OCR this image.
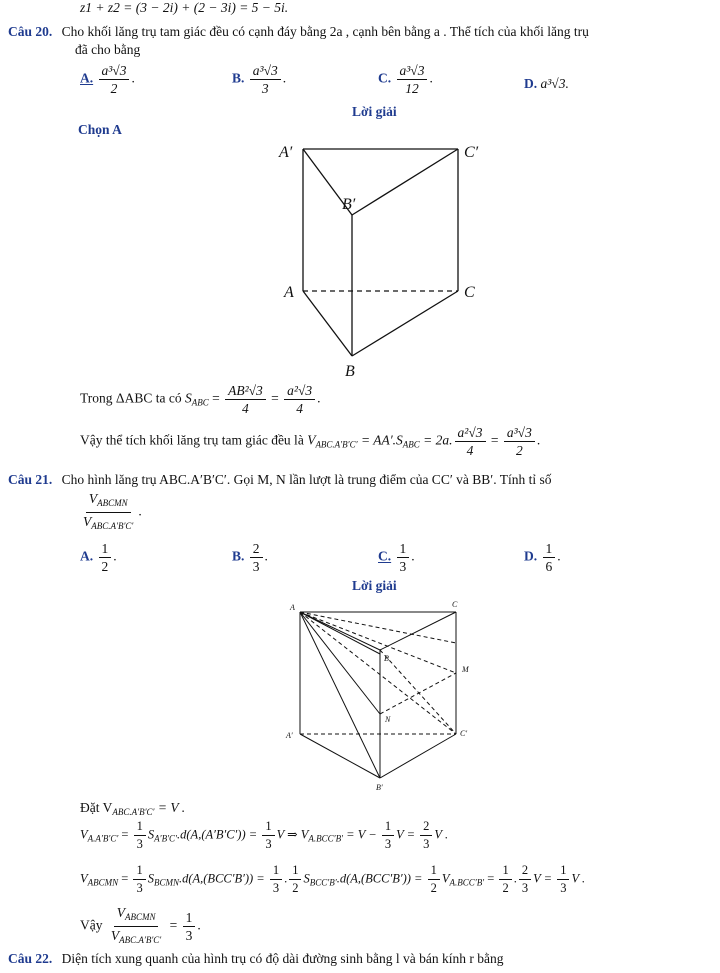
z1 + z2 = (3 − 2i) + (2 − 3i) = 5 − 5i.
Câu 20. Cho khối lăng trụ tam giác đều có cạnh đáy bằng 2a , cạnh bên bằng a . Thể tích của khối lăng trụ
đã cho bằng
A. $\frac{\text{a³√3}}{2}$ .	B. $\frac{\text{a³√3}}{3}$ .	C. $\frac{\text{a³√3}}{12}$ .	D. a³√3.
Lời giải
Chọn A
A′	C′
B′
A	C
B
Trong ΔABC ta có $S_{ABC} = \frac{\text{AB²√3}}{4} = \frac{\text{a²√3}}{4}$ .
Vậy thể tích khối lăng trụ tam giác đều là $V_{ABC.A'B'C'} = AA'.S_{ABC} = 2a$. $\frac{\text{a²√3}}{4} = \frac{\text{a³√3}}{2}$ .
Câu 21. Cho hình lăng trụ ABC.A′B′C′. Gọi M, N lần lượt là trung điểm của CC′ và BB′. Tính tỉ số
$\frac{V_{ABCMN}}{V_{ABC.A'B'C'}}$ .
A. $\frac{1}{2}$ .	B. $\frac{2}{3}$ .	C. $\frac{1}{3}$ .	D. $\frac{1}{6}$ .
Lời giải
A	C
B
M
N
A′	C′
B′
Đặt $V_{ABC.A'B'C'} = V$ .
$V_{A.A'B'C'} = \frac{1}{3} S_{A'B'C'}.d(A,(A'B'C')) = \frac{1}{3}$ V ⇒ $V_{A.BCC'B'} = V - \frac{1}{3}$ $V = \frac{2}{3}$ V .
$V_{ABCMN} = \frac{1}{3} S_{BCMN}.d(A,(BCC'B')) = \frac{1}{3}$ . $\frac{1}{2} S_{BCC'B'}.d(A,(BCC'B')) = \frac{1}{2} V_{A.BCC'B'} = \frac{1}{2}$ . $\frac{2}{3}$ $V = \frac{1}{3}$ V .
Vậy $\frac{V_{ABCMN}}{V_{ABC.A'B'C'}} = \frac{1}{3}$ .
Câu 22. Diện tích xung quanh của hình trụ có độ dài đường sinh bằng l và bán kính r bằng
